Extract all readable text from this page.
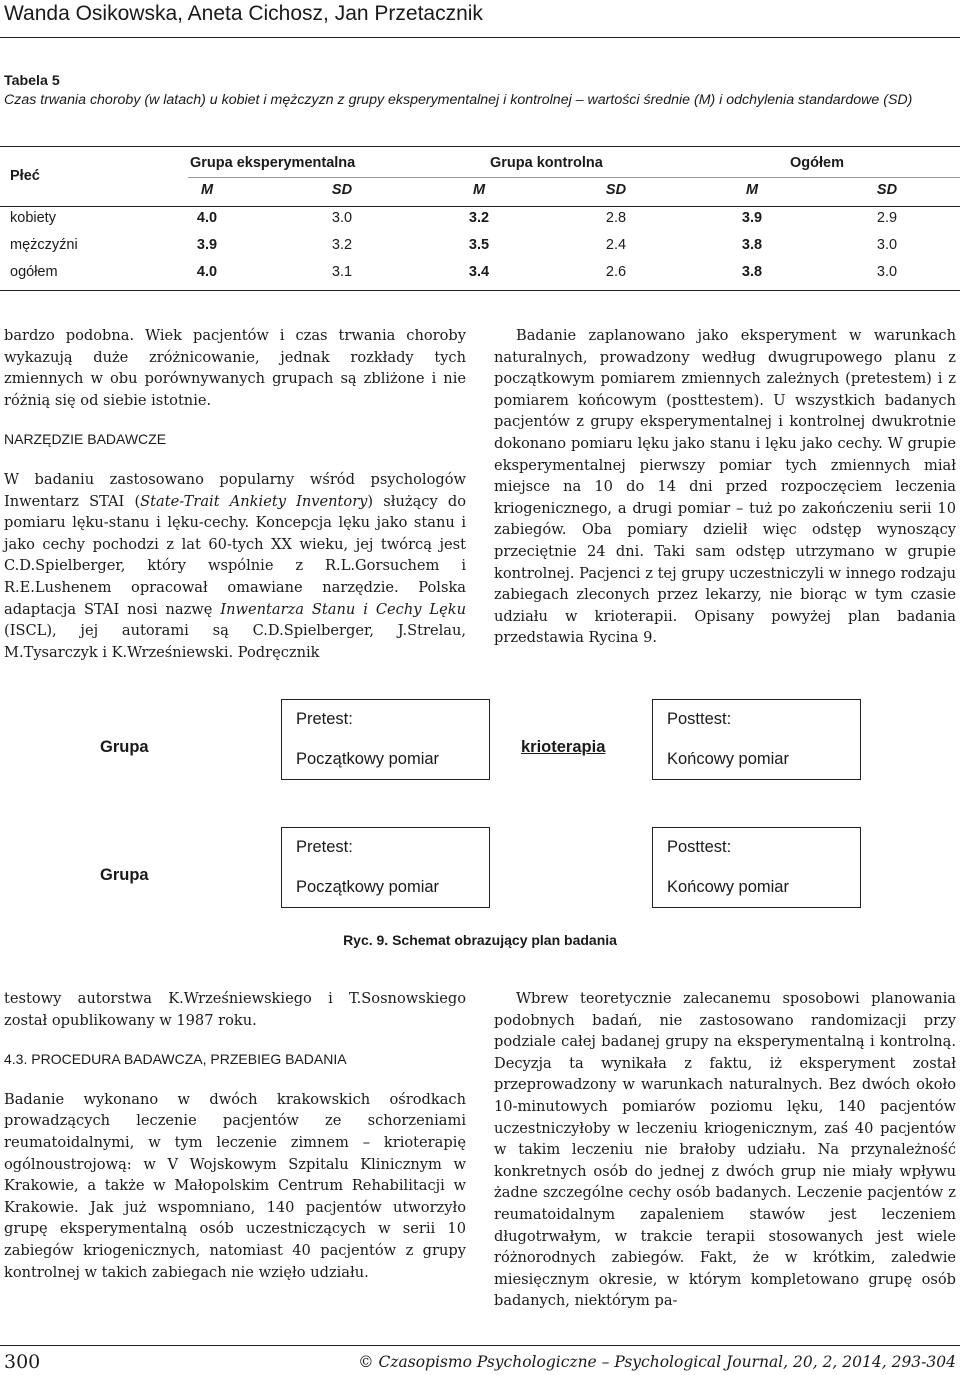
Wanda Osikowska, Aneta Cichosz, Jan Przetacznik
Tabela 5
Czas trwania choroby (w latach) u kobiet i mężczyzn z grupy eksperymentalnej i kontrolnej – wartości średnie (M) i odchylenia standardowe (SD)
Płeć
Grupa eksperymentalna	Grupa kontrolna	Ogółem
M	SD	M	SD	M	SD
kobiety	4.0	3.0	3.2	2.8	3.9	2.9
mężczyźni	3.9	3.2	3.5	2.4	3.8	3.0
ogółem	4.0	3.1	3.4	2.6	3.8	3.0

bardzo podobna. Wiek pacjentów i czas trwania choroby wykazują duże zróżnicowanie, jednak rozkłady tych zmiennych w obu porównywanych grupach są zbliżone i nie różnią się od siebie istotnie.

NARZĘDZIE BADAWCZE

W badaniu zastosowano popularny wśród psychologów Inwentarz STAI (State-Trait Ankiety Inventory) służący do pomiaru lęku-stanu i lęku-cechy. Koncepcja lęku jako stanu i jako cechy pochodzi z lat 60-tych XX wieku, jej twórcą jest C.D.Spielberger, który wspólnie z R.L.Gorsuchem i R.E.Lushenem opracował omawiane narzędzie. Polska adaptacja STAI nosi nazwę Inwentarza Stanu i Cechy Lęku (ISCL), jej autorami są C.D.Spielberger, J.Strelau, M.Tysarczyk i K.Wrześniewski. Podręcznik

Badanie zaplanowano jako eksperyment w warunkach naturalnych, prowadzony według dwugrupowego planu z początkowym pomiarem zmiennych zależnych (pretestem) i z pomiarem końcowym (posttestem). U wszystkich badanych pacjentów z grupy eksperymentalnej i kontrolnej dwukrotnie dokonano pomiaru lęku jako stanu i lęku jako cechy. W grupie eksperymentalnej pierwszy pomiar tych zmiennych miał miejsce na 10 do 14 dni przed rozpoczęciem leczenia kriogenicznego, a drugi pomiar – tuż po zakończeniu serii 10 zabiegów. Oba pomiary dzielił więc odstęp wynoszący przeciętnie 24 dni. Taki sam odstęp utrzymano w grupie kontrolnej. Pacjenci z tej grupy uczestniczyli w innego rodzaju zabiegach zleconych przez lekarzy, nie biorąc w tym czasie udziału w krioterapii. Opisany powyżej plan badania przedstawia Rycina 9.

Grupa
Pretest:
Początkowy pomiar
krioterapia
Posttest:
Końcowy pomiar
Grupa
Pretest:
Początkowy pomiar
Posttest:
Końcowy pomiar
Ryc. 9. Schemat obrazujący plan badania

testowy autorstwa K.Wrześniewskiego i T.Sosnowskiego został opublikowany w 1987 roku.

4.3. PROCEDURA BADAWCZA, PRZEBIEG BADANIA

Badanie wykonano w dwóch krakowskich ośrodkach prowadzących leczenie pacjentów ze schorzeniami reumatoidalnymi, w tym leczenie zimnem – krioterapię ogólnoustrojową: w V Wojskowym Szpitalu Klinicznym w Krakowie, a także w Małopolskim Centrum Rehabilitacji w Krakowie. Jak już wspomniano, 140 pacjentów utworzyło grupę eksperymentalną osób uczestniczących w serii 10 zabiegów kriogenicznych, natomiast 40 pacjentów z grupy kontrolnej w takich zabiegach nie wzięło udziału.

Wbrew teoretycznie zalecanemu sposobowi planowania podobnych badań, nie zastosowano randomizacji przy podziale całej badanej grupy na eksperymentalną i kontrolną. Decyzja ta wynikała z faktu, iż eksperyment został przeprowadzony w warunkach naturalnych. Bez dwóch około 10-minutowych pomiarów poziomu lęku, 140 pacjentów uczestniczyłoby w leczeniu kriogenicznym, zaś 40 pacjentów w takim leczeniu nie brałoby udziału. Na przynależność konkretnych osób do jednej z dwóch grup nie miały wpływu żadne szczególne cechy osób badanych. Leczenie pacjentów z reumatoidalnym zapaleniem stawów jest leczeniem długotrwałym, w trakcie terapii stosowanych jest wiele różnorodnych zabiegów. Fakt, że w krótkim, zaledwie miesięcznym okresie, w którym kompletowano grupę osób badanych, niektórym pa-

300	© Czasopismo Psychologiczne – Psychological Journal, 20, 2, 2014, 293-304
